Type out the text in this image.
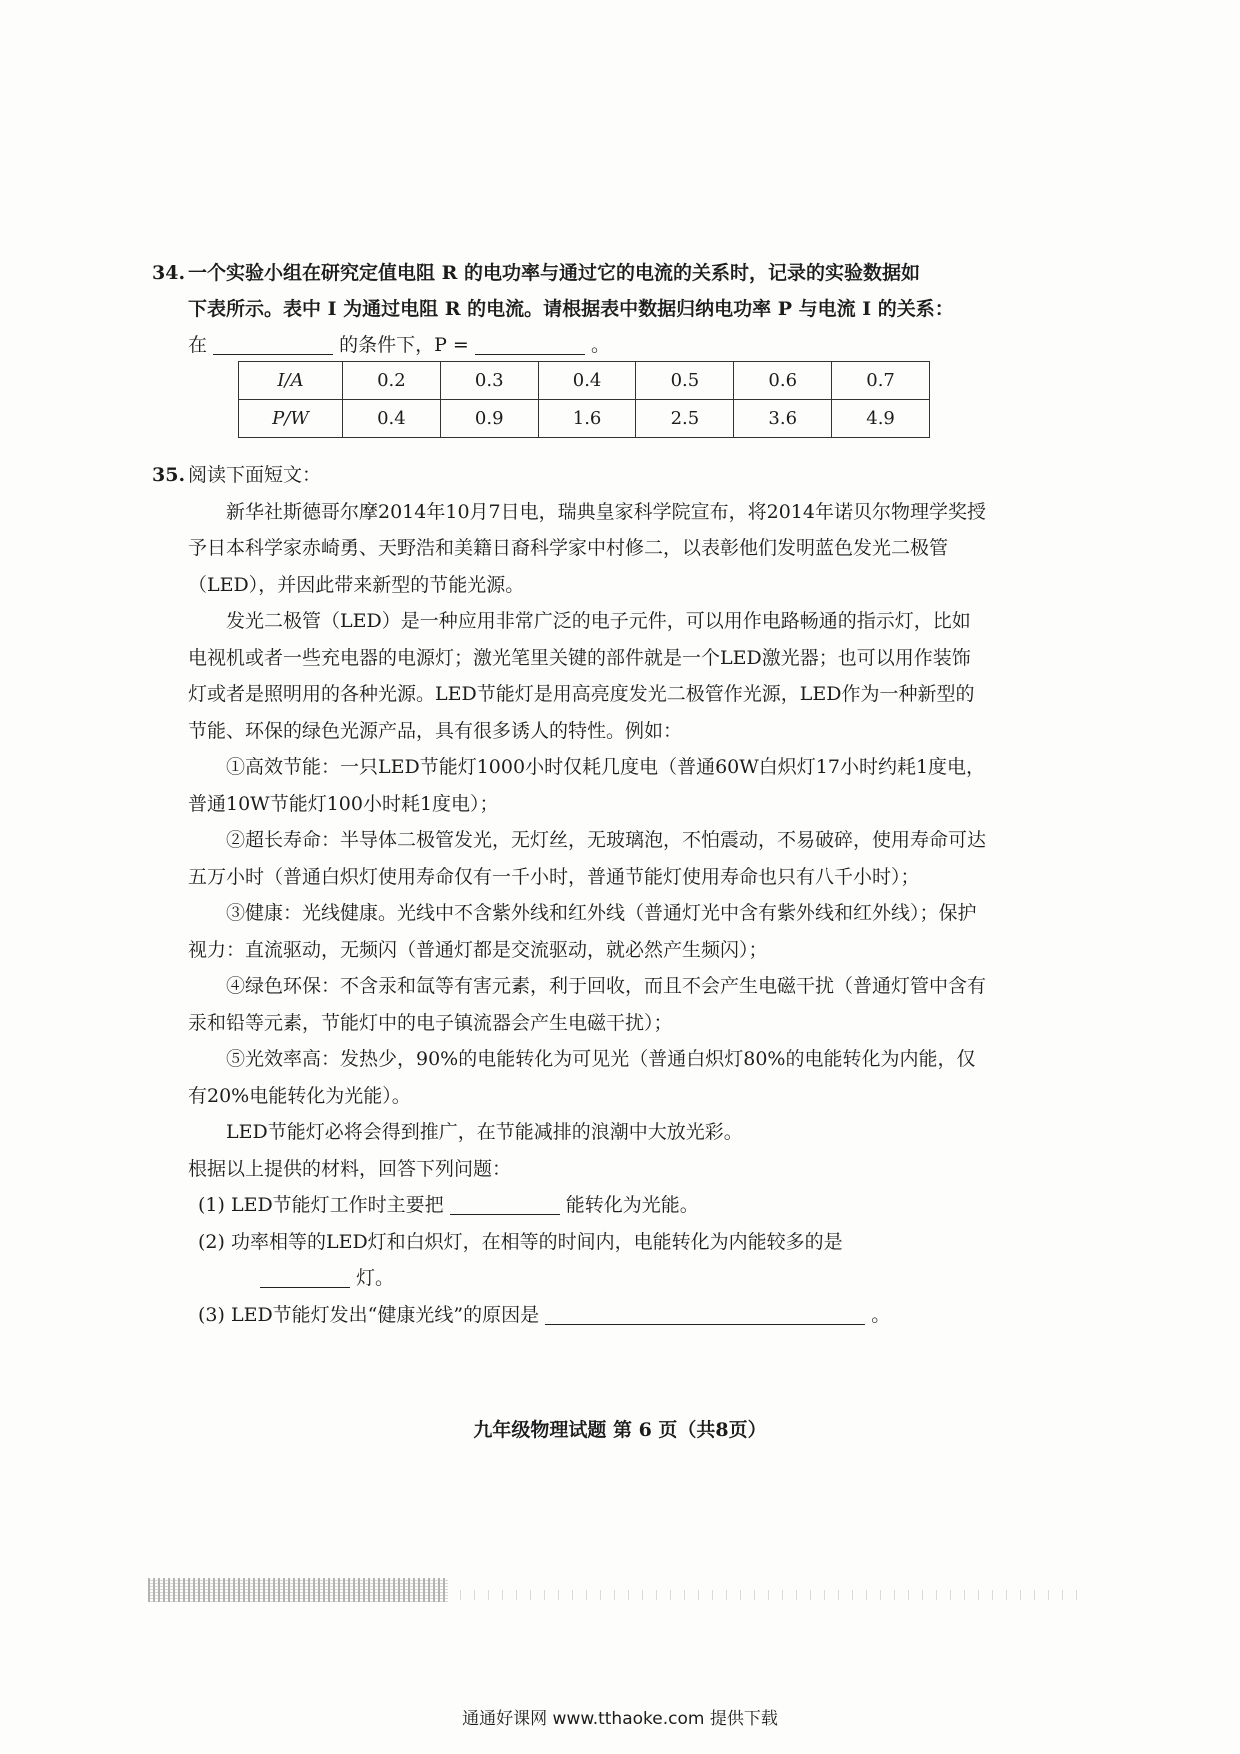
34. 一个实验小组在研究定值电阻 R 的电功率与通过它的电流的关系时，记录的实验数据如
下表所示。表中 I 为通过电阻 R 的电流。请根据表中数据归纳电功率 P 与电流 I 的关系：
在	的条件下，P =	。
I/A	0.2	0.3	0.4	0.5	0.6	0.7
P/W	0.4	0.9	1.6	2.5	3.6	4.9
35. 阅读下面短文：

新华社斯德哥尔摩2014年10月7日电，瑞典皇家科学院宣布，将2014年诺贝尔物理学奖授予日本科学家赤崎勇、天野浩和美籍日裔科学家中村修二，以表彰他们发明蓝色发光二极管（LED），并因此带来新型的节能光源。

发光二极管（LED）是一种应用非常广泛的电子元件，可以用作电路畅通的指示灯，比如电视机或者一些充电器的电源灯；激光笔里关键的部件就是一个LED激光器；也可以用作装饰灯或者是照明用的各种光源。LED节能灯是用高亮度发光二极管作光源，LED作为一种新型的节能、环保的绿色光源产品，具有很多诱人的特性。例如：

①高效节能：一只LED节能灯1000小时仅耗几度电（普通60W白炽灯17小时约耗1度电，普通10W节能灯100小时耗1度电）；

②超长寿命：半导体二极管发光，无灯丝，无玻璃泡，不怕震动，不易破碎，使用寿命可达五万小时（普通白炽灯使用寿命仅有一千小时，普通节能灯使用寿命也只有八千小时）；

③健康：光线健康。光线中不含紫外线和红外线（普通灯光中含有紫外线和红外线）；保护视力：直流驱动，无频闪（普通灯都是交流驱动，就必然产生频闪）；

④绿色环保：不含汞和氙等有害元素，利于回收，而且不会产生电磁干扰（普通灯管中含有汞和铅等元素，节能灯中的电子镇流器会产生电磁干扰）；

⑤光效率高：发热少，90%的电能转化为可见光（普通白炽灯80%的电能转化为内能，仅有20%电能转化为光能）。

LED节能灯必将会得到推广，在节能减排的浪潮中大放光彩。

根据以上提供的材料，回答下列问题：

(1) LED节能灯工作时主要把	能转化为光能。
(2) 功率相等的LED灯和白炽灯，在相等的时间内，电能转化为内能较多的是
灯。
(3) LED节能灯发出“健康光线”的原因是	。
九年级物理试题 第 6 页（共8页）
通通好课网 www.tthaoke.com 提供下载
